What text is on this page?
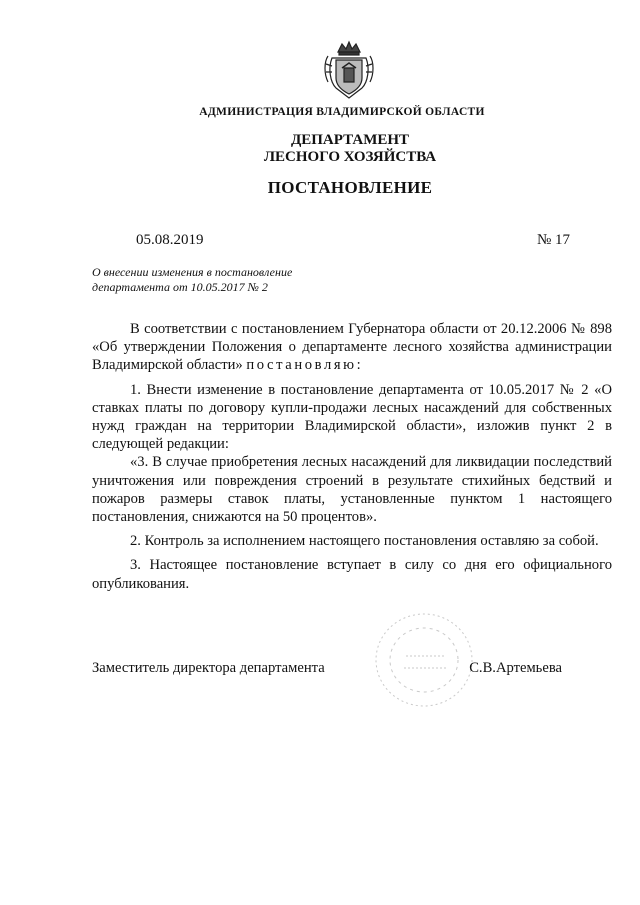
АДМИНИСТРАЦИЯ ВЛАДИМИРСКОЙ ОБЛАСТИ
ДЕПАРТАМЕНТ
ЛЕСНОГО ХОЗЯЙСТВА
ПОСТАНОВЛЕНИЕ
05.08.2019	№ 17
О внесении изменения в постановление
департамента от 10.05.2017 № 2

В соответствии с постановлением Губернатора области от 20.12.2006 № 898 «Об утверждении Положения о департаменте лесного хозяйства администрации Владимирской области» постановляю:

1. Внести изменение в постановление департамента от 10.05.2017 № 2 «О ставках платы по договору купли-продажи лесных насаждений для собственных нужд граждан на территории Владимирской области», изложив пункт 2 в следующей редакции:

«3. В случае приобретения лесных насаждений для ликвидации последствий уничтожения или повреждения строений в результате стихийных бедствий и пожаров размеры ставок платы, установленные пунктом 1 настоящего постановления, снижаются на 50 процентов».

2. Контроль за исполнением настоящего постановления оставляю за собой.

3. Настоящее постановление вступает в силу со дня его официального опубликования.

Заместитель директора департамента	С.В.Артемьева
